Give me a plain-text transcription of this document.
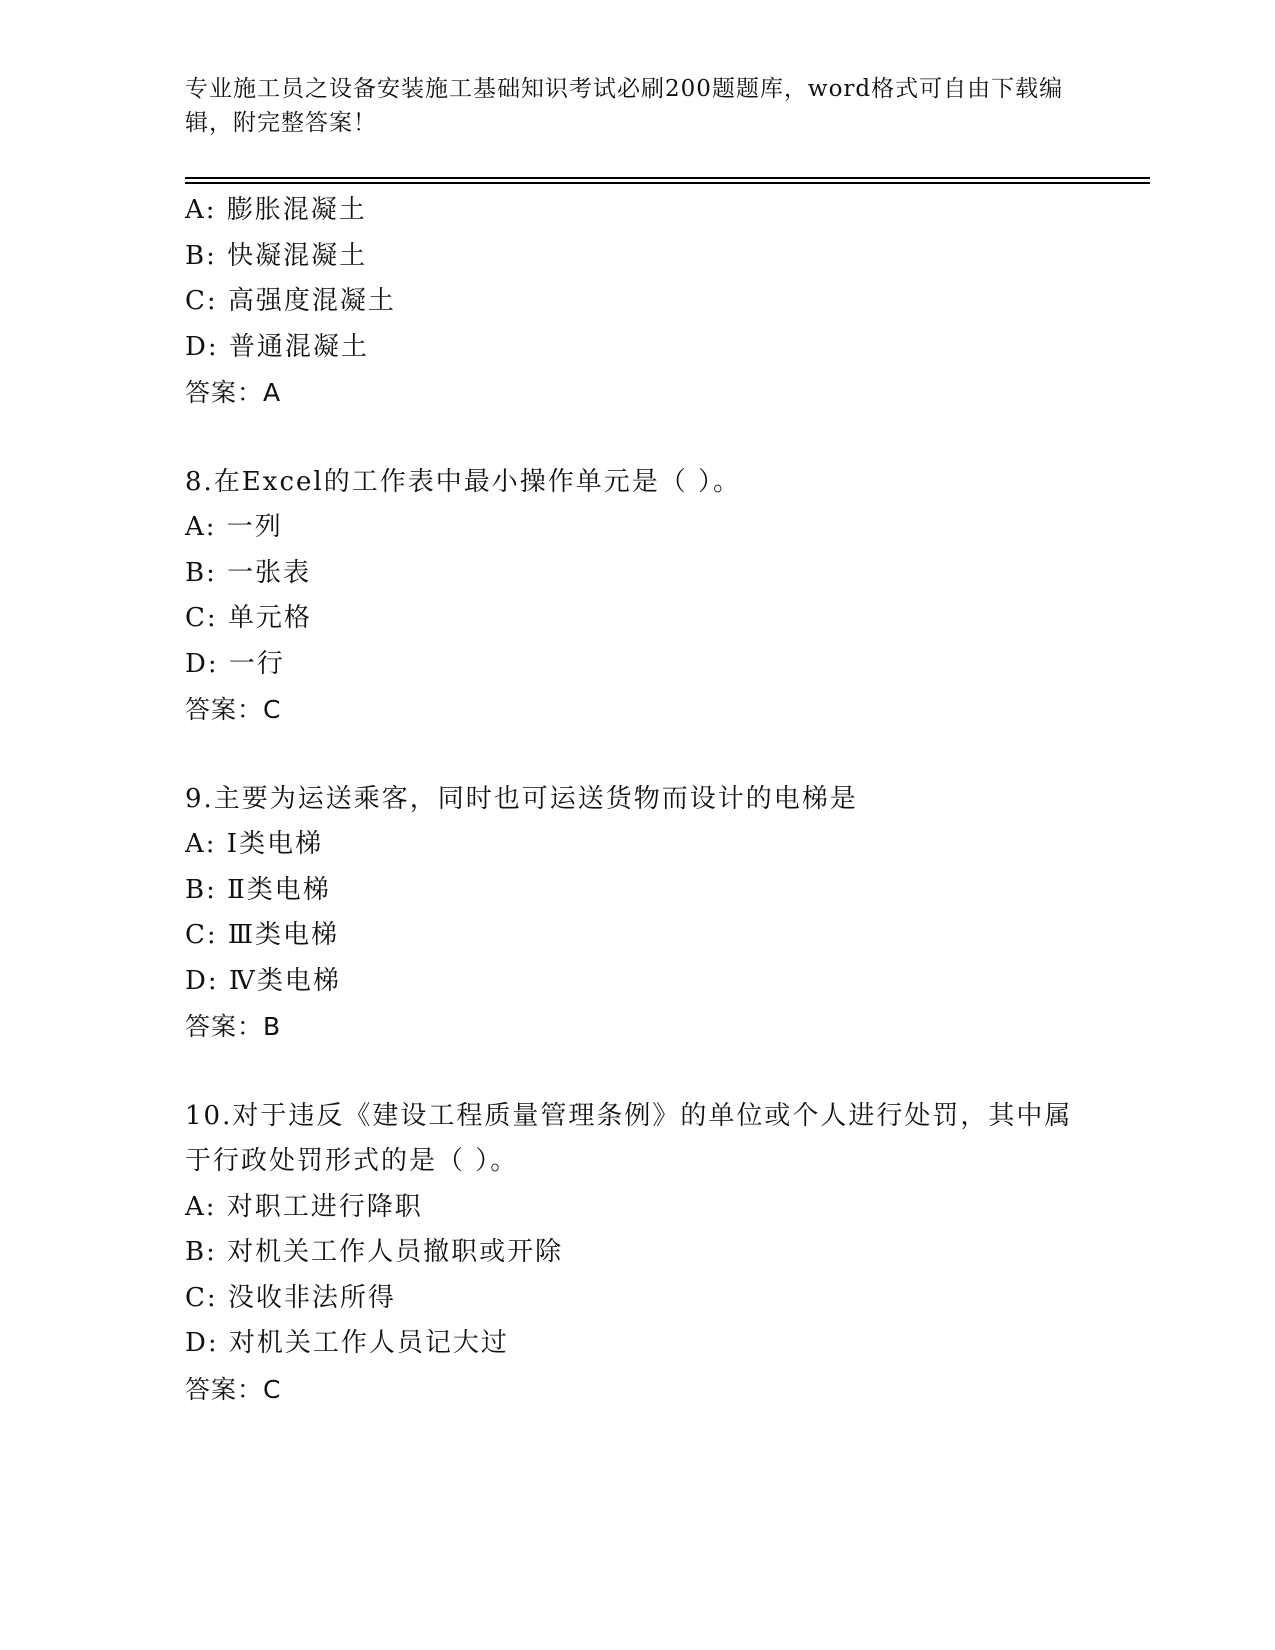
专业施工员之设备安装施工基础知识考试必刷200题题库，word格式可自由下载编辑，附完整答案！
A: 膨胀混凝土
B: 快凝混凝土
C: 高强度混凝土
D: 普通混凝土
答案：A
8.在Excel的工作表中最小操作单元是（ ）。
A: 一列
B: 一张表
C: 单元格
D: 一行
答案：C
9.主要为运送乘客，同时也可运送货物而设计的电梯是
A: Ⅰ类电梯
B: Ⅱ类电梯
C: Ⅲ类电梯
D: Ⅳ类电梯
答案：B
10.对于违反《建设工程质量管理条例》的单位或个人进行处罚，其中属于行政处罚形式的是（ ）。
A: 对职工进行降职
B: 对机关工作人员撤职或开除
C: 没收非法所得
D: 对机关工作人员记大过
答案：C
